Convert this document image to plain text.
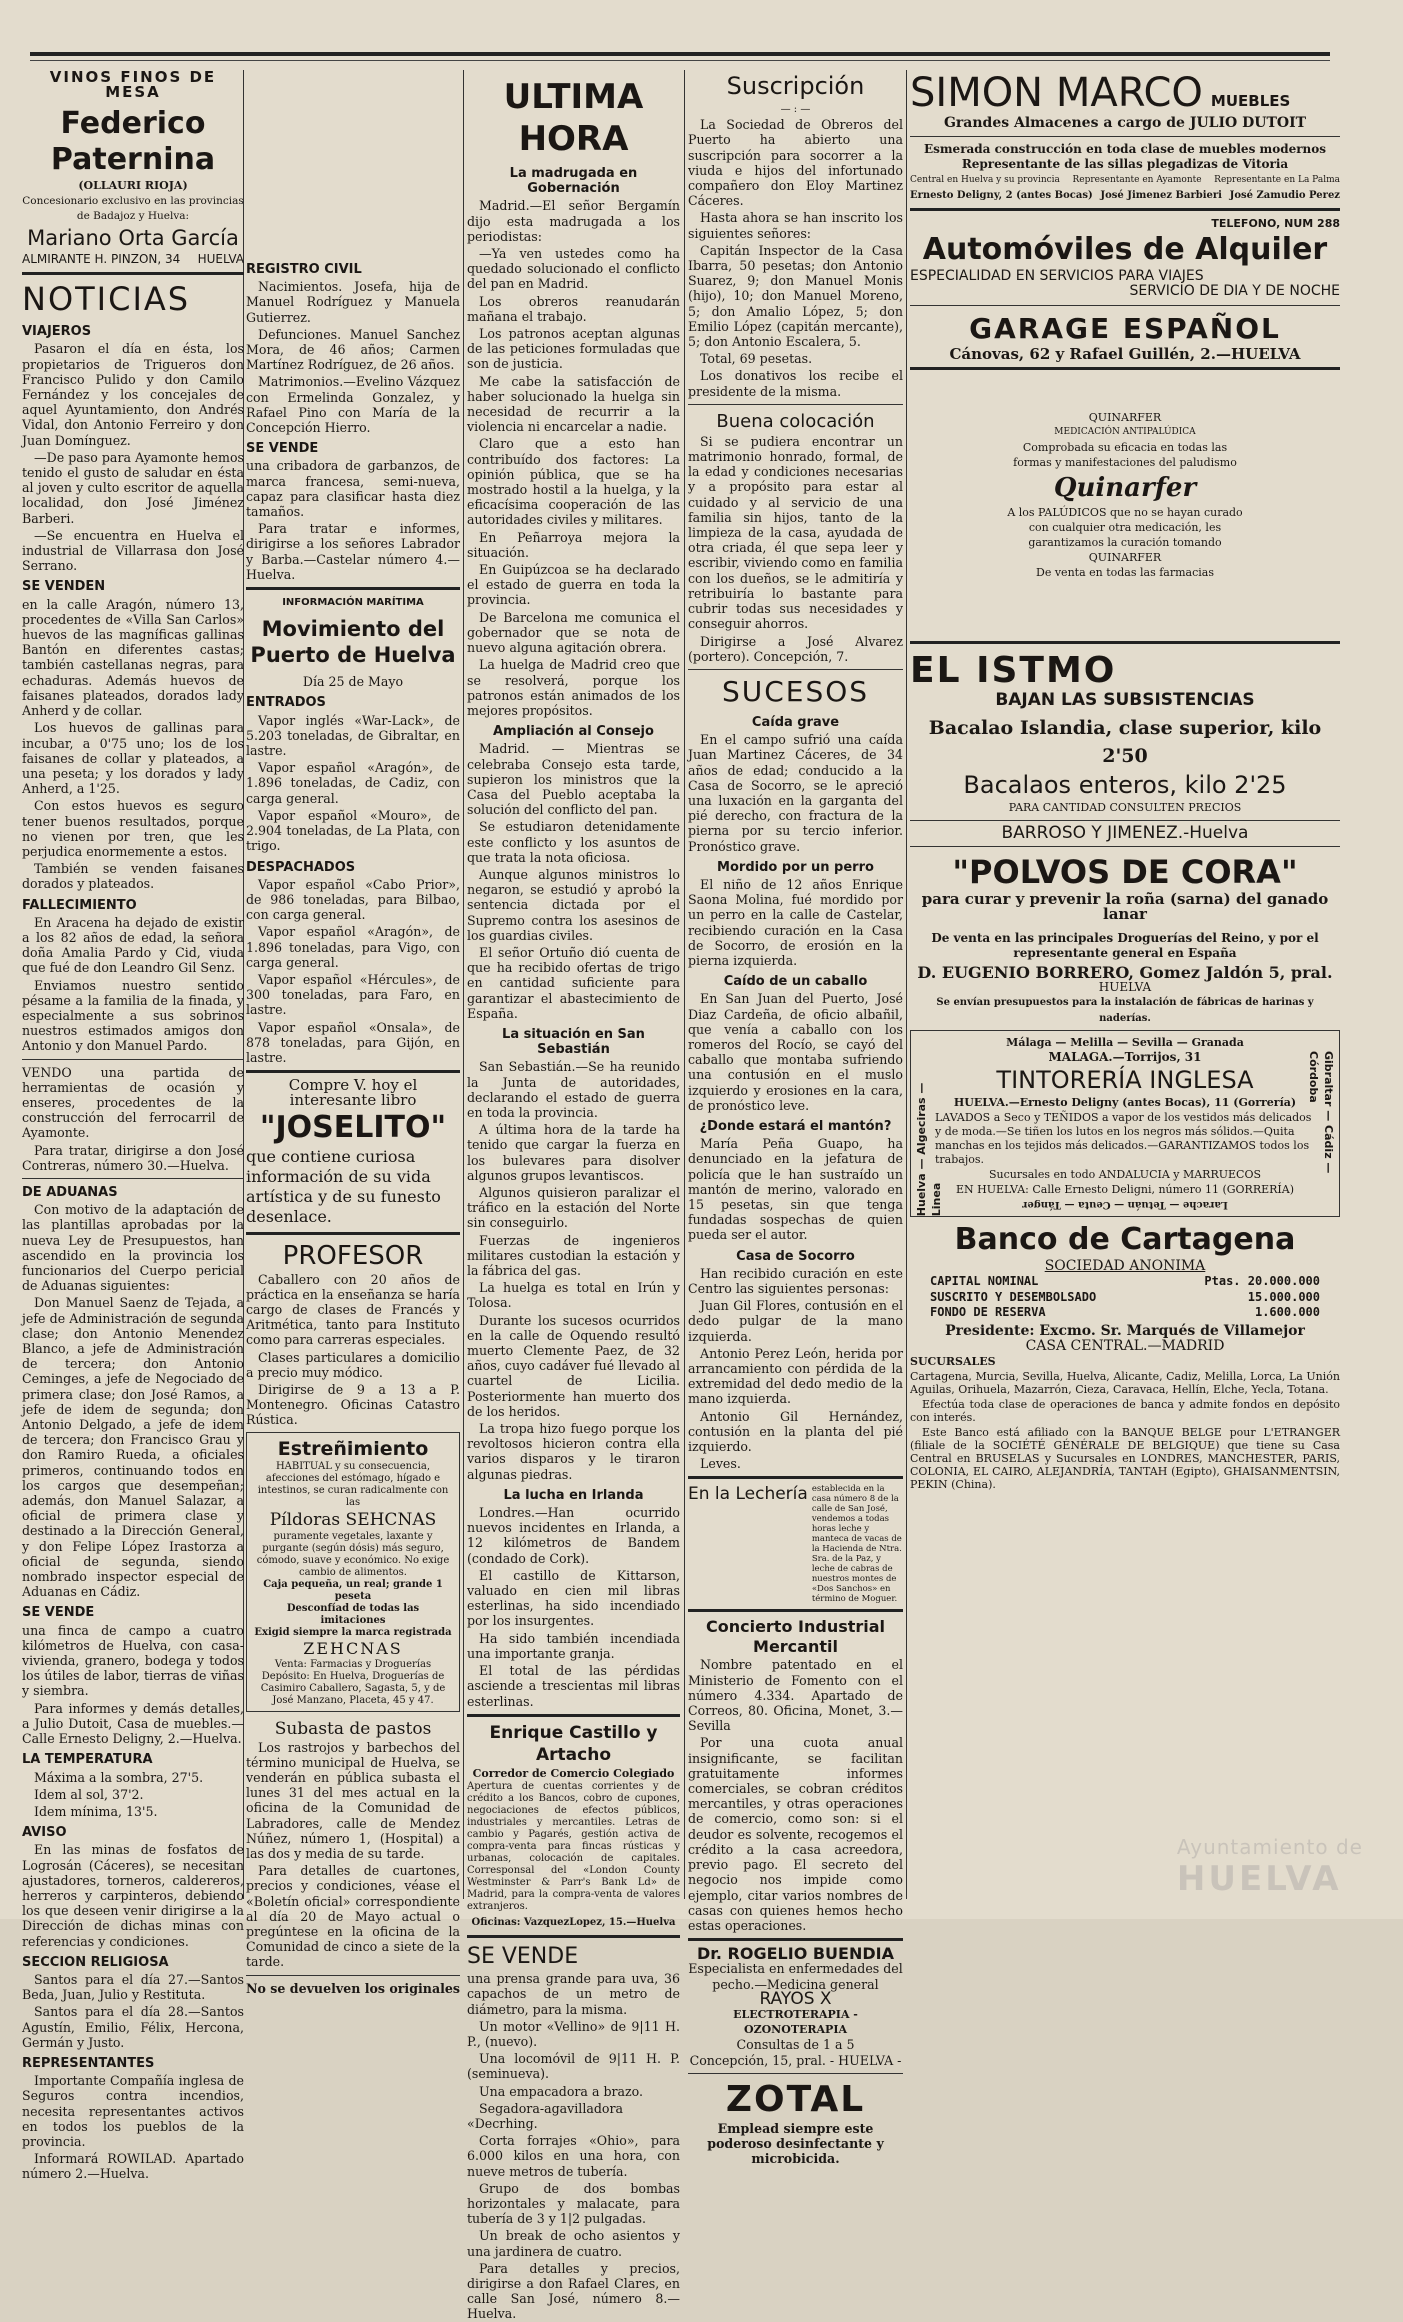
VINOS FINOS DE MESA
Federico Paternina
(OLLAURI RIOJA)
Concesionario exclusivo en las provincias de Badajoz y Huelva:
Mariano Orta García
ALMIRANTE H. PINZON, 34 HUELVA
NOTICIAS
VIAJEROS

Pasaron el día en ésta, los propietarios de Trigueros don Francisco Pulido y don Camilo Fernández y los concejales de aquel Ayuntamiento, don Andrés Vidal, don Antonio Ferreiro y don Juan Domínguez.

—De paso para Ayamonte hemos tenido el gusto de saludar en ésta al joven y culto escritor de aquella localidad, don José Jiménez Barberi.

—Se encuentra en Huelva el industrial de Villarrasa don José Serrano.

SE VENDEN

en la calle Aragón, número 13, procedentes de «Villa San Carlos» huevos de las magníficas gallinas Bantón en diferentes castas; también castellanas negras, para echaduras. Además huevos de faisanes plateados, dorados lady Anherd y de collar.

Los huevos de gallinas para incubar, a 0'75 uno; los de los faisanes de collar y plateados, a una peseta; y los dorados y lady Anherd, a 1'25.

Con estos huevos es seguro tener buenos resultados, porque no vienen por tren, que les perjudica enormemente a estos.

También se venden faisanes dorados y plateados.

FALLECIMIENTO

En Aracena ha dejado de existir a los 82 años de edad, la señora doña Amalia Pardo y Cid, viuda que fué de don Leandro Gil Senz.

Enviamos nuestro sentido pésame a la familia de la finada, y especialmente a sus sobrinos nuestros estimados amigos don Antonio y don Manuel Pardo.

VENDO una partida de herramientas de ocasión y enseres, procedentes de la construcción del ferrocarril de Ayamonte.

Para tratar, dirigirse a don José Contreras, número 30.—Huelva.

DE ADUANAS

Con motivo de la adaptación de las plantillas aprobadas por la nueva Ley de Presupuestos, han ascendido en la provincia los funcionarios del Cuerpo pericial de Aduanas siguientes:

Don Manuel Saenz de Tejada, a jefe de Administración de segunda clase; don Antonio Menendez Blanco, a jefe de Administración de tercera; don Antonio Ceminges, a jefe de Negociado de primera clase; don José Ramos, a jefe de idem de segunda; don Antonio Delgado, a jefe de idem de tercera; don Francisco Grau y don Ramiro Rueda, a oficiales primeros, continuando todos en los cargos que desempeñan; además, don Manuel Salazar, a oficial de primera clase y destinado a la Dirección General, y don Felipe López Irastorza a oficial de segunda, siendo nombrado inspector especial de Aduanas en Cádiz.

SE VENDE

una finca de campo a cuatro kilómetros de Huelva, con casa-vivienda, granero, bodega y todos los útiles de labor, tierras de viñas y siembra.

Para informes y demás detalles, a Julio Dutoit, Casa de muebles.—Calle Ernesto Deligny, 2.—Huelva.

LA TEMPERATURA

Máxima a la sombra, 27'5.

Idem al sol, 37'2.

Idem mínima, 13'5.

AVISO

En las minas de fosfatos de Logrosán (Cáceres), se necesitan ajustadores, torneros, caldereros, herreros y carpinteros, debiendo los que deseen venir dirigirse a la Dirección de dichas minas con referencias y condiciones.

SECCION RELIGIOSA

Santos para el día 27.—Santos Beda, Juan, Julio y Restituta.

Santos para el día 28.—Santos Agustín, Emilio, Félix, Hercona, Germán y Justo.

REPRESENTANTES

Importante Compañía inglesa de Seguros contra incendios, necesita representantes activos en todos los pueblos de la provincia.

Informará ROWILAD. Apartado número 2.—Huelva.

REGISTRO CIVIL

Nacimientos. Josefa, hija de Manuel Rodríguez y Manuela Gutierrez.

Defunciones. Manuel Sanchez Mora, de 46 años; Carmen Martínez Rodríguez, de 26 años.

Matrimonios.—Evelino Vázquez con Ermelinda Gonzalez, y Rafael Pino con María de la Concepción Hierro.

SE VENDE

una cribadora de garbanzos, de marca francesa, semi-nueva, capaz para clasificar hasta diez tamaños.

Para tratar e informes, dirigirse a los señores Labrador y Barba.—Castelar número 4.—Huelva.

INFORMACIÓN MARÍTIMA
Movimiento del Puerto de Huelva
Día 25 de Mayo
ENTRADOS

Vapor inglés «War-Lack», de 5.203 toneladas, de Gibraltar, en lastre.

Vapor español «Aragón», de 1.896 toneladas, de Cadiz, con carga general.

Vapor español «Mouro», de 2.904 toneladas, de La Plata, con trigo.

DESPACHADOS

Vapor español «Cabo Prior», de 986 toneladas, para Bilbao, con carga general.

Vapor español «Aragón», de 1.896 toneladas, para Vigo, con carga general.

Vapor español «Hércules», de 300 toneladas, para Faro, en lastre.

Vapor español «Onsala», de 878 toneladas, para Gijón, en lastre.

Compre V. hoy el interesante libro
"JOSELITO"
que contiene curiosa información de su vida artística y de su funesto desenlace.
PROFESOR

Caballero con 20 años de práctica en la enseñanza se haría cargo de clases de Francés y Aritmética, tanto para Instituto como para carreras especiales.

Clases particulares a domicilio a precio muy módico.

Dirigirse de 9 a 13 a P. Montenegro. Oficinas Catastro Rústica.

Estreñimiento
HABITUAL y su consecuencia, afecciones del estómago, hígado e intestinos, se curan radicalmente con las
Píldoras SEHCNAS
puramente vegetales, laxante y purgante (según dósis) más seguro, cómodo, suave y económico. No exige cambio de alimentos.
Caja pequeña, un real; grande 1 peseta
Desconfíad de todas las imitaciones
Exigid siempre la marca registrada
ZEHCNAS
Venta: Farmacias y Droguerías
Depósito: En Huelva, Droguerías de Casimiro Caballero, Sagasta, 5, y de José Manzano, Placeta, 45 y 47.
Subasta de pastos

Los rastrojos y barbechos del término municipal de Huelva, se venderán en pública subasta el lunes 31 del mes actual en la oficina de la Comunidad de Labradores, calle de Mendez Núñez, número 1, (Hospital) a las dos y media de su tarde.

Para detalles de cuartones, precios y condiciones, véase el «Boletín oficial» correspondiente al día 20 de Mayo actual o pregúntese en la oficina de la Comunidad de cinco a siete de la tarde.

No se devuelven los originales
ULTIMA HORA
La madrugada en Gobernación

Madrid.—El señor Bergamín dijo esta madrugada a los periodistas:

—Ya ven ustedes como ha quedado solucionado el conflicto del pan en Madrid.

Los obreros reanudarán mañana el trabajo.

Los patronos aceptan algunas de las peticiones formuladas que son de justicia.

Me cabe la satisfacción de haber solucionado la huelga sin necesidad de recurrir a la violencia ni encarcelar a nadie.

Claro que a esto han contribuído dos factores: La opinión pública, que se ha mostrado hostil a la huelga, y la eficacísima cooperación de las autoridades civiles y militares.

En Peñarroya mejora la situación.

En Guipúzcoa se ha declarado el estado de guerra en toda la provincia.

De Barcelona me comunica el gobernador que se nota de nuevo alguna agitación obrera.

La huelga de Madrid creo que se resolverá, porque los patronos están animados de los mejores propósitos.

Ampliación al Consejo

Madrid. — Mientras se celebraba Consejo esta tarde, supieron los ministros que la Casa del Pueblo aceptaba la solución del conflicto del pan.

Se estudiaron detenidamente este conflicto y los asuntos de que trata la nota oficiosa.

Aunque algunos ministros lo negaron, se estudió y aprobó la sentencia dictada por el Supremo contra los asesinos de los guardias civiles.

El señor Ortuño dió cuenta de que ha recibido ofertas de trigo en cantidad suficiente para garantizar el abastecimiento de España.

La situación en San Sebastián

San Sebastián.—Se ha reunido la Junta de autoridades, declarando el estado de guerra en toda la provincia.

A última hora de la tarde ha tenido que cargar la fuerza en los bulevares para disolver algunos grupos levantiscos.

Algunos quisieron paralizar el tráfico en la estación del Norte sin conseguirlo.

Fuerzas de ingenieros militares custodian la estación y la fábrica del gas.

La huelga es total en Irún y Tolosa.

Durante los sucesos ocurridos en la calle de Oquendo resultó muerto Clemente Paez, de 32 años, cuyo cadáver fué llevado al cuartel de Licilia. Posteriormente han muerto dos de los heridos.

La tropa hizo fuego porque los revoltosos hicieron contra ella varios disparos y le tiraron algunas piedras.

La lucha en Irlanda

Londres.—Han ocurrido nuevos incidentes en Irlanda, a 12 kilómetros de Bandem (condado de Cork).

El castillo de Kittarson, valuado en cien mil libras esterlinas, ha sido incendiado por los insurgentes.

Ha sido también incendiada una importante granja.

El total de las pérdidas asciende a trescientas mil libras esterlinas.

Enrique Castillo y Artacho
Corredor de Comercio Colegiado

Apertura de cuentas corrientes y de crédito a los Bancos, cobro de cupones, negociaciones de efectos públicos, industriales y mercantiles. Letras de cambio y Pagarés, gestión activa de compra-venta para fincas rústicas y urbanas, colocación de capitales. Corresponsal del «London County Westminster & Parr's Bank Ld» de Madrid, para la compra-venta de valores extranjeros.

Oficinas: VazquezLopez, 15.—Huelva

SE VENDE

una prensa grande para uva, 36 capachos de un metro de diámetro, para la misma.

Un motor «Vellino» de 9|11 H. P., (nuevo).

Una locomóvil de 9|11 H. P. (seminueva).

Una empacadora a brazo.

Segadora-agavilladora «Decrhing.

Corta forrajes «Ohio», para 6.000 kilos en una hora, con nueve metros de tubería.

Grupo de dos bombas horizontales y malacate, para tubería de 3 y 1|2 pulgadas.

Un break de ocho asientos y una jardinera de cuatro.

Para detalles y precios, dirigirse a don Rafael Clares, en calle San José, número 8.—Huelva.

Suscripción
— : —

La Sociedad de Obreros del Puerto ha abierto una suscripción para socorrer a la viuda e hijos del infortunado compañero don Eloy Martinez Cáceres.

Hasta ahora se han inscrito los siguientes señores:

Capitán Inspector de la Casa Ibarra, 50 pesetas; don Antonio Suarez, 9; don Manuel Monis (hijo), 10; don Manuel Moreno, 5; don Amalio López, 5; don Emilio López (capitán mercante), 5; don Antonio Escalera, 5.

Total, 69 pesetas.

Los donativos los recibe el presidente de la misma.

Buena colocación

Si se pudiera encontrar un matrimonio honrado, formal, de la edad y condiciones necesarias y a propósito para estar al cuidado y al servicio de una familia sin hijos, tanto de la limpieza de la casa, ayudada de otra criada, él que sepa leer y escribir, viviendo como en familia con los dueños, se le admitiría y retribuiría lo bastante para cubrir todas sus necesidades y conseguir ahorros.

Dirigirse a José Alvarez (portero). Concepción, 7.

SUCESOS
Caída grave

En el campo sufrió una caída Juan Martinez Cáceres, de 34 años de edad; conducido a la Casa de Socorro, se le apreció una luxación en la garganta del pié derecho, con fractura de la pierna por su tercio inferior. Pronóstico grave.

Mordido por un perro

El niño de 12 años Enrique Saona Molina, fué mordido por un perro en la calle de Castelar, recibiendo curación en la Casa de Socorro, de erosión en la pierna izquierda.

Caído de un caballo

En San Juan del Puerto, José Diaz Cardeña, de oficio albañil, que venía a caballo con los romeros del Rocío, se cayó del caballo que montaba sufriendo una contusión en el muslo izquierdo y erosiones en la cara, de pronóstico leve.

¿Donde estará el mantón?

María Peña Guapo, ha denunciado en la jefatura de policía que le han sustraído un mantón de merino, valorado en 15 pesetas, sin que tenga fundadas sospechas de quien pueda ser el autor.

Casa de Socorro

Han recibido curación en este Centro las siguientes personas:

Juan Gil Flores, contusión en el dedo pulgar de la mano izquierda.

Antonio Perez León, herida por arrancamiento con pérdida de la extremidad del dedo medio de la mano izquierda.

Antonio Gil Hernández, contusión en la planta del pié izquierdo.

Leves.

En la Lechería establecida en la casa número 8 de la calle de San José, vendemos a todas horas leche y manteca de vacas de la Hacienda de Ntra. Sra. de la Paz, y leche de cabras de nuestros montes de «Dos Sanchos» en término de Moguer.
Concierto Industrial Mercantil

Nombre patentado en el Ministerio de Fomento con el número 4.334. Apartado de Correos, 80. Oficina, Monet, 3.—Sevilla

Por una cuota anual insignificante, se facilitan gratuitamente informes comerciales, se cobran créditos mercantiles, y otras operaciones de comercio, como son: si el deudor es solvente, recogemos el crédito a la casa acreedora, previo pago. El secreto del negocio nos impide como ejemplo, citar varios nombres de casas con quienes hemos hecho estas operaciones.

Dr. ROGELIO BUENDIA
Especialista en enfermedades del pecho.—Medicina general
RAYOS X
ELECTROTERAPIA - OZONOTERAPIA
Consultas de 1 a 5
Concepción, 15, pral. - HUELVA -
ZOTAL
Emplead siempre este poderoso desinfectante y microbicida.
SIMON MARCO MUEBLES
Grandes Almacenes a cargo de JULIO DUTOIT
Esmerada construcción en toda clase de muebles modernos
Representante de las sillas plegadizas de Vitoria
Central en Huelva y su provincia Representante en Ayamonte Representante en La Palma
Ernesto Deligny, 2 (antes Bocas) José Jimenez Barbieri José Zamudio Perez
TELEFONO, NUM 288
Automóviles de Alquiler
ESPECIALIDAD EN SERVICIOS PARA VIAJES
SERVICIO DE DIA Y DE NOCHE
GARAGE ESPAÑOL
Cánovas, 62 y Rafael Guillén, 2.—HUELVA
QUINARFER
MEDICACIÓN ANTIPALÚDICA
Comprobada su eficacia en todas las formas y manifestaciones del paludismo
Quinarfer
A los PALÚDICOS que no se hayan curado con cualquier otra medicación, les garantizamos la curación tomando
QUINARFER
De venta en todas las farmacias
EL ISTMO
BAJAN LAS SUBSISTENCIAS
Bacalao Islandia, clase superior, kilo 2'50
Bacalaos enteros, kilo 2'25
PARA CANTIDAD CONSULTEN PRECIOS
BARROSO Y JIMENEZ.-Huelva
"POLVOS DE CORA"
para curar y prevenir la roña (sarna) del ganado lanar
De venta en las principales Droguerías del Reino, y por el representante general en España
D. EUGENIO BORRERO, Gomez Jaldón 5, pral.
HUELVA
Se envían presupuestos para la instalación de fábricas de harinas y naderías.
Málaga — Melilla — Sevilla — Granada
MALAGA.—Torrijos, 31
TINTORERÍA INGLESA
HUELVA.—Ernesto Deligny (antes Bocas), 11 (Gorrería)
LAVADOS a Seco y TEÑIDOS a vapor de los vestidos más delicados y de moda.—Se tiñen los lutos en los negros más sólidos.—Quita manchas en los tejidos más delicados.—GARANTIZAMOS todos los trabajos.
Sucursales en todo ANDALUCIA y MARRUECOS
EN HUELVA: Calle Ernesto Deligni, número 11 (GORRERÍA)
Larache — Tetuán — Ceuta — Tánger
Huelva — Algeciras — Linea
Gibraltar — Cádiz — Córdoba
Banco de Cartagena
SOCIEDAD ANONIMA
CAPITAL NOMINAL	Ptas. 20.000.000
SUSCRITO Y DESEMBOLSADO	15.000.000
FONDO DE RESERVA	1.600.000
Presidente: Excmo. Sr. Marqués de Villamejor
CASA CENTRAL.—MADRID
SUCURSALES

Cartagena, Murcia, Sevilla, Huelva, Alicante, Cadiz, Melilla, Lorca, La Unión Aguilas, Orihuela, Mazarrón, Cieza, Caravaca, Hellín, Elche, Yecla, Totana.

Efectúa toda clase de operaciones de banca y admite fondos en depósito con interés.

Este Banco está afiliado con la BANQUE BELGE pour L'ETRANGER (filiale de la SOCIÉTÉ GÉNÉRALE DE BELGIQUE) que tiene su Casa Central en BRUSELAS y Sucursales en LONDRES, MANCHESTER, PARIS, COLONIA, EL CAIRO, ALEJANDRÍA, TANTAH (Egipto), GHAISANMENTSIN, PEKIN (China).

Ayuntamiento de
HUELVA
